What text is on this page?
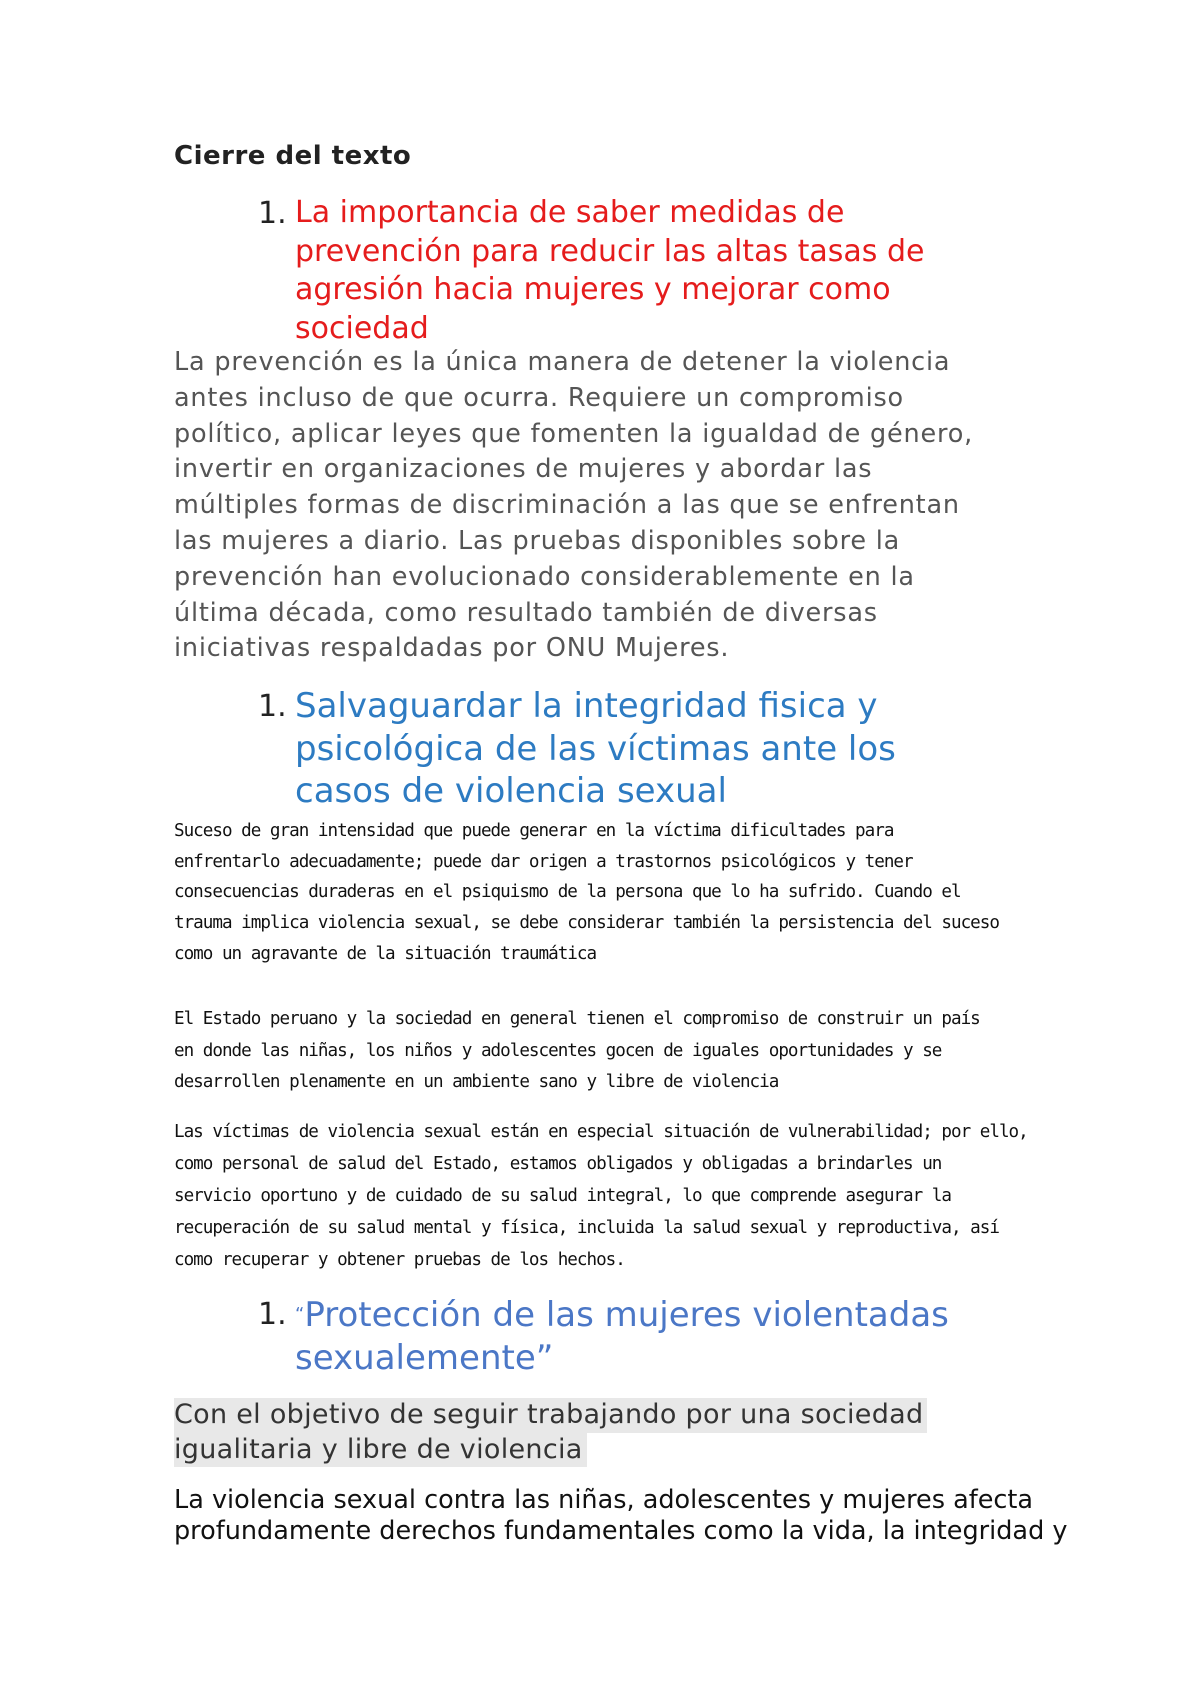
Cierre del texto
1. La importancia de saber medidas de
prevención para reducir las altas tasas de
agresión hacia mujeres y mejorar como
sociedad

La prevención es la única manera de detener la violencia
antes incluso de que ocurra. Requiere un compromiso
político, aplicar leyes que fomenten la igualdad de género,
invertir en organizaciones de mujeres y abordar las
múltiples formas de discriminación a las que se enfrentan
las mujeres a diario. Las pruebas disponibles sobre la
prevención han evolucionado considerablemente en la
última década, como resultado también de diversas
iniciativas respaldadas por ONU Mujeres.

1. Salvaguardar la integridad fisica y
psicológica de las víctimas ante los
casos de violencia sexual

Suceso de gran intensidad que puede generar en la víctima dificultades para
enfrentarlo adecuadamente; puede dar origen a trastornos psicológicos y tener
consecuencias duraderas en el psiquismo de la persona que lo ha sufrido. Cuando el
trauma implica violencia sexual, se debe considerar también la persistencia del suceso
como un agravante de la situación traumática

El Estado peruano y la sociedad en general tienen el compromiso de construir un país
en donde las niñas, los niños y adolescentes gocen de iguales oportunidades y se
desarrollen plenamente en un ambiente sano y libre de violencia

Las víctimas de violencia sexual están en especial situación de vulnerabilidad; por ello,
como personal de salud del Estado, estamos obligados y obligadas a brindarles un
servicio oportuno y de cuidado de su salud integral, lo que comprende asegurar la
recuperación de su salud mental y física, incluida la salud sexual y reproductiva, así
como recuperar y obtener pruebas de los hechos.

1. “Protección de las mujeres violentadas
sexualemente”
Con el objetivo de seguir trabajando por una sociedad
igualitaria y libre de violencia

La violencia sexual contra las niñas, adolescentes y mujeres afecta
profundamente derechos fundamentales como la vida, la integridad y
